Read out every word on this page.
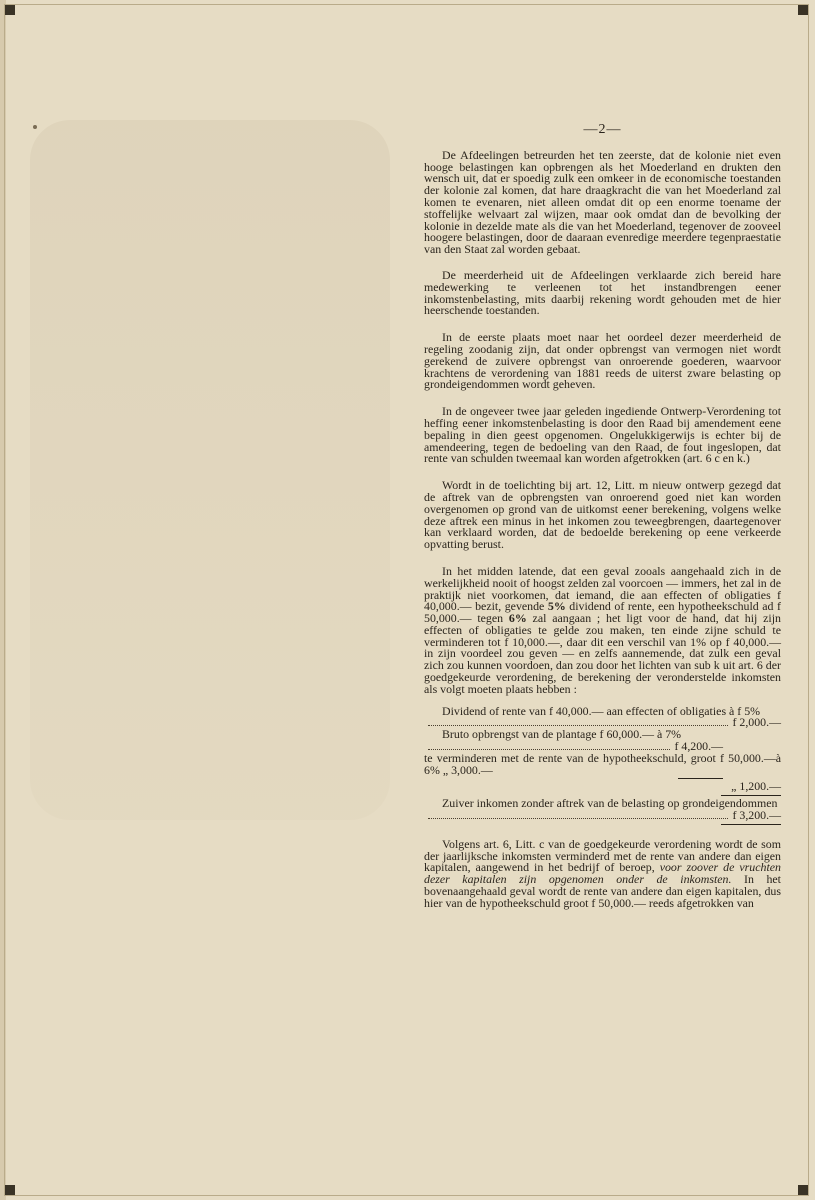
—2—

De Afdeelingen betreurden het ten zeerste, dat de kolonie niet even hooge belastingen kan opbrengen als het Moederland en drukten den wensch uit, dat er spoedig zulk een omkeer in de economische toestanden der kolonie zal komen, dat hare draagkracht die van het Moederland zal komen te evenaren, niet alleen omdat dit op een enorme toename der stoffelijke welvaart zal wijzen, maar ook omdat dan de bevolking der kolonie in dezelde mate als die van het Moederland, tegenover de zooveel hoogere belastingen, door de daaraan evenredige meerdere tegenpraestatie van den Staat zal worden gebaat.

De meerderheid uit de Afdeelingen verklaarde zich bereid hare medewerking te verleenen tot het instandbrengen eener inkomstenbelasting, mits daarbij rekening wordt gehouden met de hier heerschende toestanden.

In de eerste plaats moet naar het oordeel dezer meerderheid de regeling zoodanig zijn, dat onder opbrengst van vermogen niet wordt gerekend de zuivere opbrengst van onroerende goederen, waarvoor krachtens de verordening van 1881 reeds de uiterst zware belasting op grondeigendommen wordt geheven.

In de ongeveer twee jaar geleden ingediende Ontwerp-Verordening tot heffing eener inkomstenbelasting is door den Raad bij amendement eene bepaling in dien geest opgenomen. Ongelukkigerwijs is echter bij de amendeering, tegen de bedoeling van den Raad, de fout ingeslopen, dat rente van schulden tweemaal kan worden afgetrokken (art. 6 c en k.)

Wordt in de toelichting bij art. 12, Litt. m nieuw ontwerp gezegd dat de aftrek van de opbrengsten van onroerend goed niet kan worden overgenomen op grond van de uitkomst eener berekening, volgens welke deze aftrek een minus in het inkomen zou teweegbrengen, daartegenover kan verklaard worden, dat de bedoelde berekening op eene verkeerde opvatting berust.

In het midden latende, dat een geval zooals aangehaald zich in de werkelijkheid nooit of hoogst zelden zal voorcoen — immers, het zal in de praktijk niet voorkomen, dat iemand, die aan effecten of obligaties f 40,000.— bezit, gevende 5% dividend of rente, een hypotheekschuld ad f 50,000.— tegen 6% zal aangaan ; het ligt voor de hand, dat hij zijn effecten of obligaties te gelde zou maken, ten einde zijne schuld te verminderen tot f 10,000.—, daar dit een verschil van 1% op f 40,000.— in zijn voordeel zou geven — en zelfs aannemende, dat zulk een geval zich zou kunnen voordoen, dan zou door het lichten van sub k uit art. 6 der goedgekeurde verordening, de berekening der veronderstelde inkomsten als volgt moeten plaats hebben :

Dividend of rente van f 40,000.— aan effecten of obligaties à f 5%
f 2,000.—
Bruto opbrengst van de plantage f 60,000.— à 7%
f 4,200.—
te verminderen met de rente van de hypotheekschuld, groot f 50,000.—à 6% „ 3,000.—
„ 1,200.—
Zuiver inkomen zonder aftrek van de belasting op grondeigendommen
f 3,200.—

Volgens art. 6, Litt. c van de goedgekeurde verordening wordt de som der jaarlijksche inkomsten verminderd met de rente van andere dan eigen kapitalen, aangewend in het bedrijf of beroep, voor zoover de vruchten dezer kapitalen zijn opgenomen onder de inkomsten. In het bovenaangehaald geval wordt de rente van andere dan eigen kapitalen, dus hier van de hypotheekschuld groot f 50,000.— reeds afgetrokken van
